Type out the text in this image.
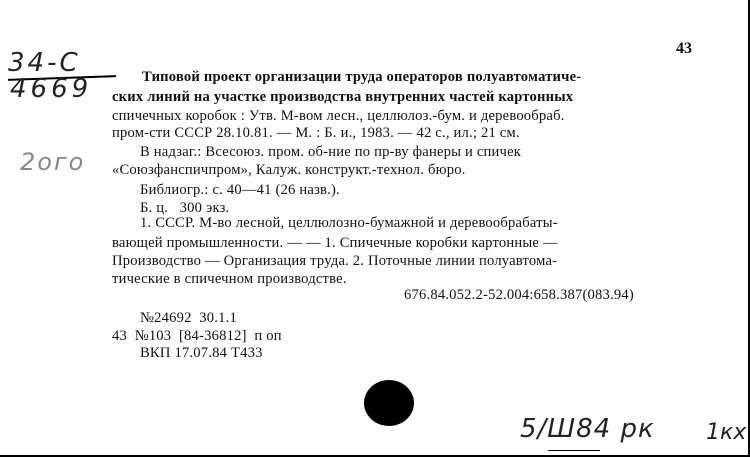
34-С
4669
2ого
43
Типовой проект организации труда операторов полуавтоматиче-
ских линий на участке производства внутренних частей картонных
спичечных коробок : Утв. М-вом лесн., целлюлоз.-бум. и деревообраб.
пром-сти СССР 28.10.81. — М. : Б. и., 1983. — 42 с., ил.; 21 см.
В надзаг.: Всесоюз. пром. об-ние по пр-ву фанеры и спичек
«Союзфанспичпром», Калуж. конструкт.-технол. бюро.
Библиогр.: с. 40—41 (26 назв.).
Б. ц.   300 экз.
1. СССР. М-во лесной, целлюлозно-бумажной и деревообрабаты-
вающей промышленности. — — 1. Спичечные коробки картонные —
Производство — Организация труда. 2. Поточные линии полуавтома-
тические в спичечном производстве.
676.84.052.2-52.004:658.387(083.94)
№24692  30.1.1
43  №103  [84-36812]  п оп
ВКП 17.07.84 Т433
5/Ш84 рк 1кх
